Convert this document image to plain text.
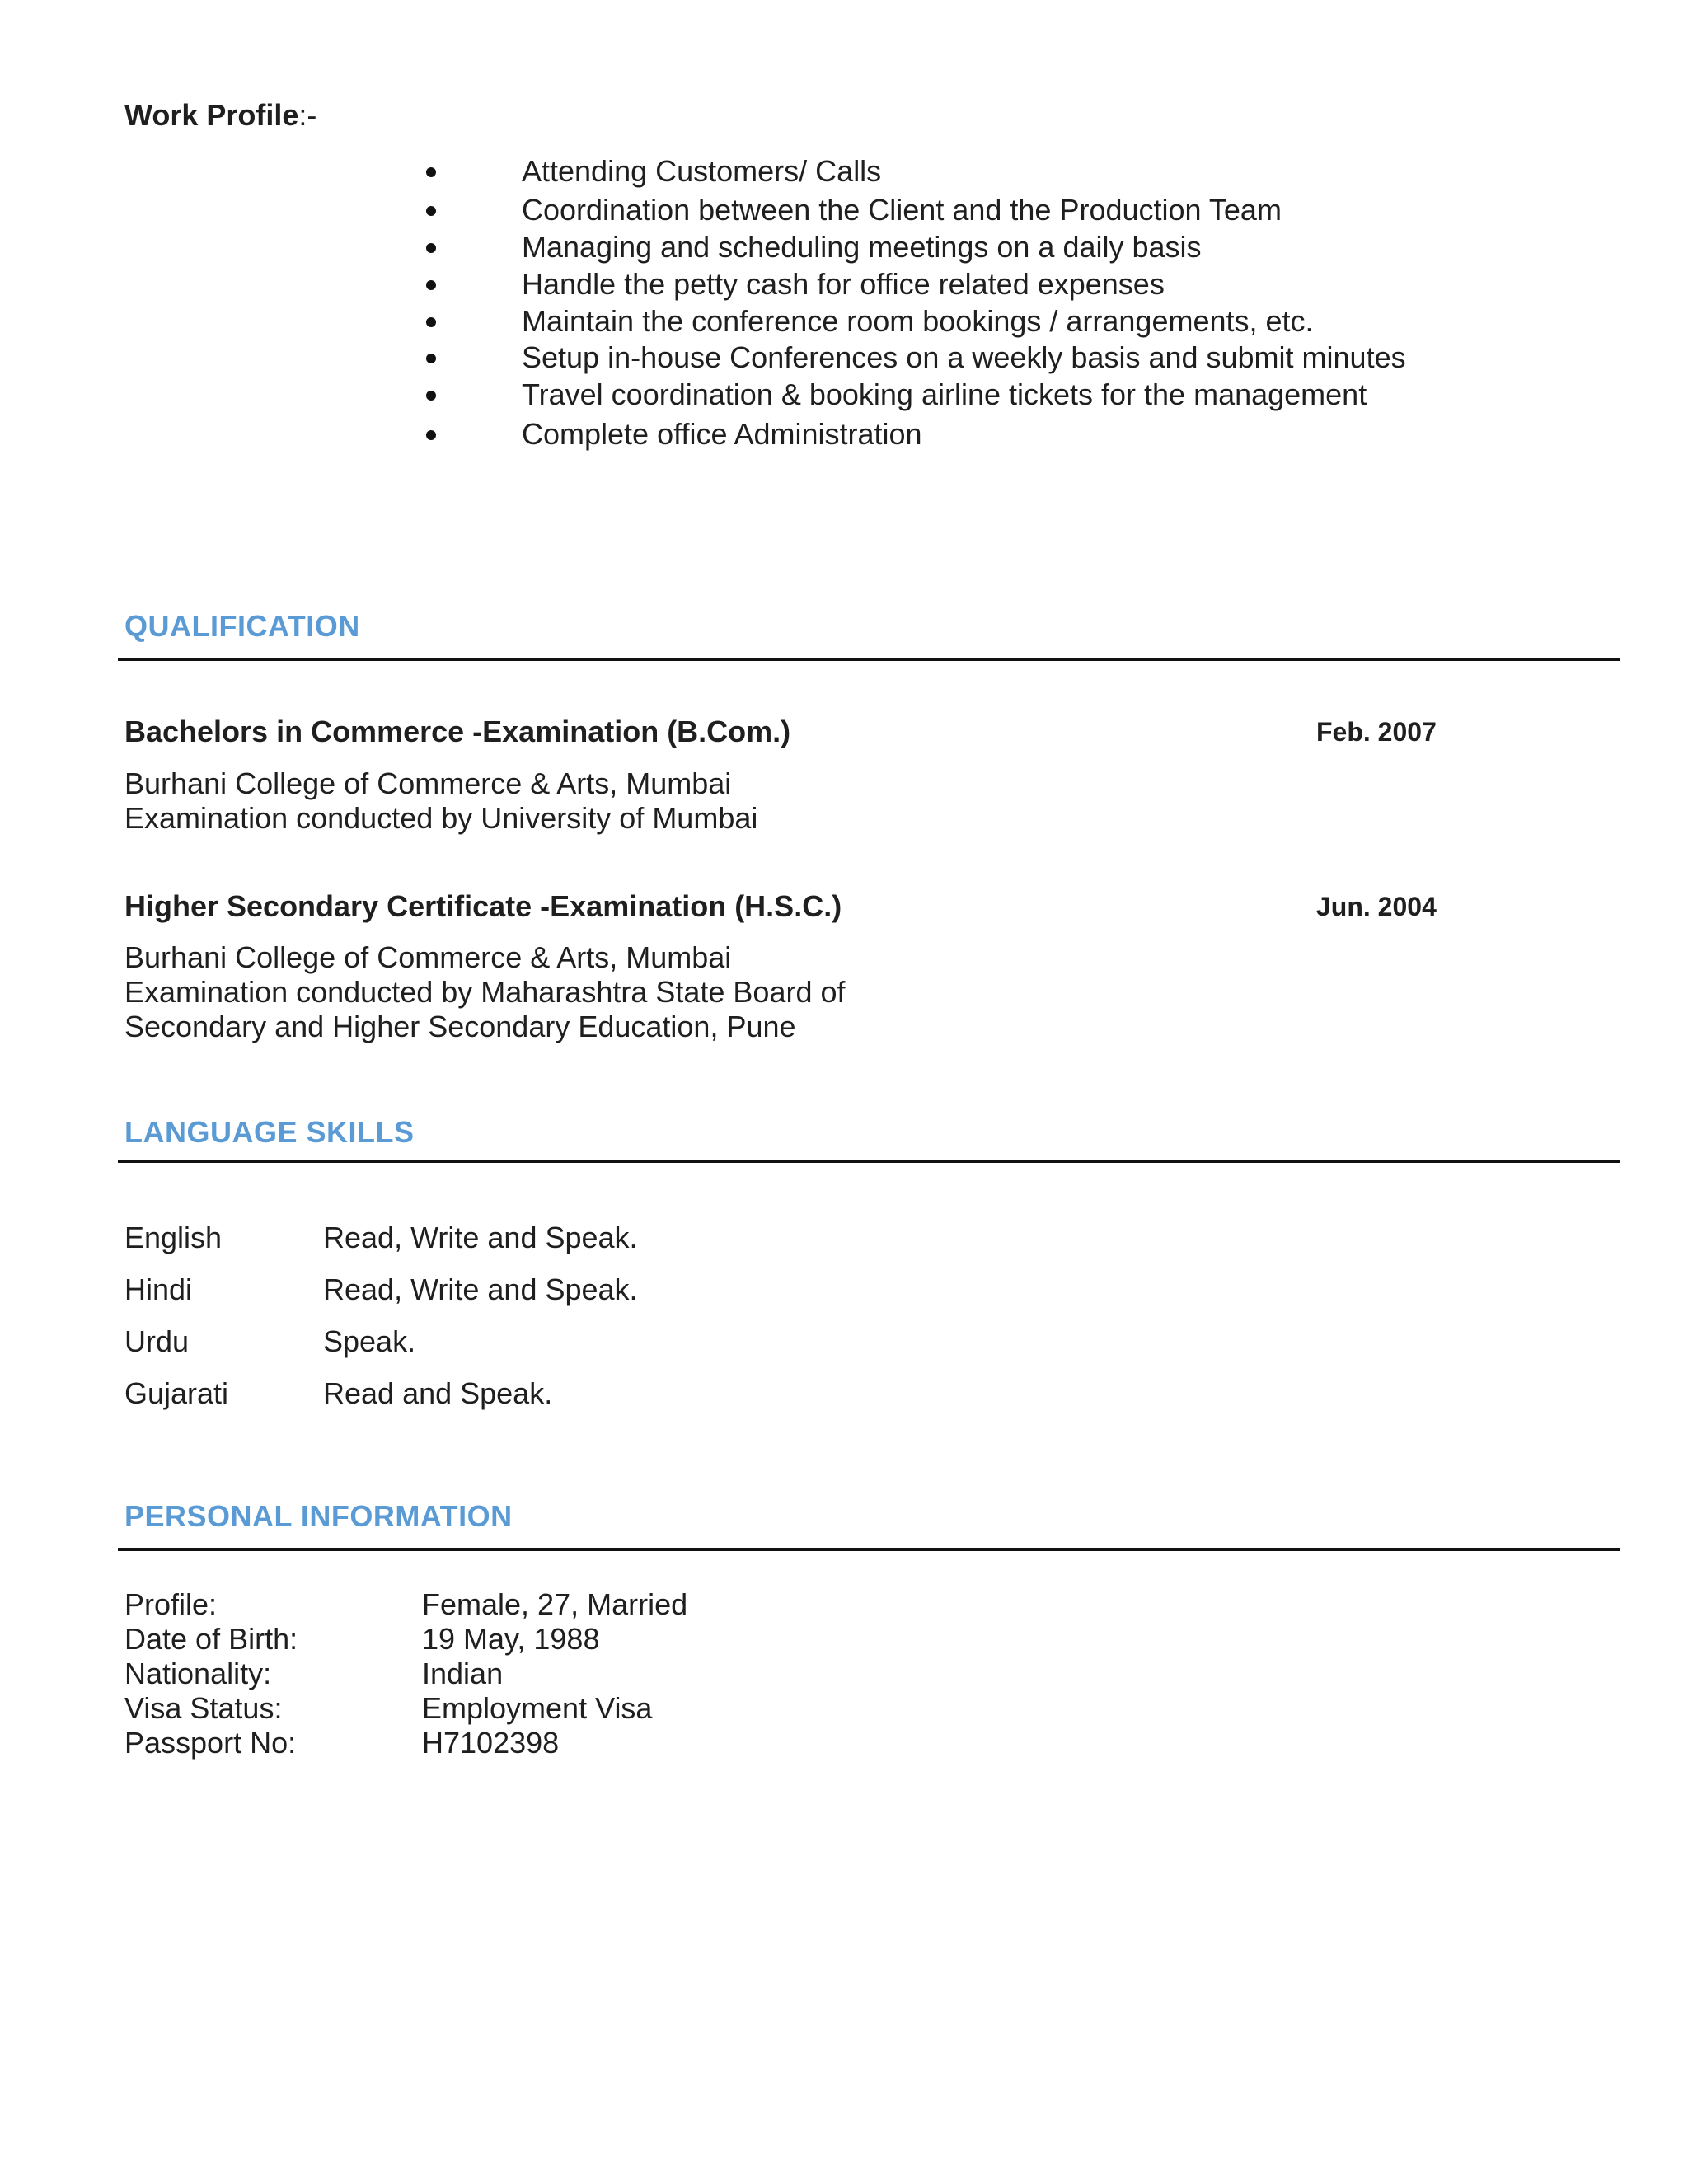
Work Profile:-
Attending Customers/ Calls
Coordination between the Client and the Production Team
Managing and scheduling meetings on a daily basis
Handle the petty cash for office related expenses
Maintain the conference room bookings / arrangements, etc.
Setup in-house Conferences on a weekly basis and submit minutes
Travel coordination & booking airline tickets for the management
Complete office Administration
QUALIFICATION
Bachelors in Commerce -Examination (B.Com.)	Feb. 2007
Burhani College of Commerce & Arts, Mumbai
Examination conducted by University of Mumbai
Higher Secondary Certificate -Examination (H.S.C.)	Jun. 2004
Burhani College of Commerce & Arts, Mumbai
Examination conducted by Maharashtra State Board of
Secondary and Higher Secondary Education, Pune
LANGUAGE SKILLS
English	Read, Write and Speak.
Hindi	Read, Write and Speak.
Urdu	Speak.
Gujarati	Read and Speak.
PERSONAL INFORMATION
Profile:	Female, 27, Married
Date of Birth:	19 May, 1988
Nationality:	Indian
Visa Status:	Employment Visa
Passport No:	H7102398
